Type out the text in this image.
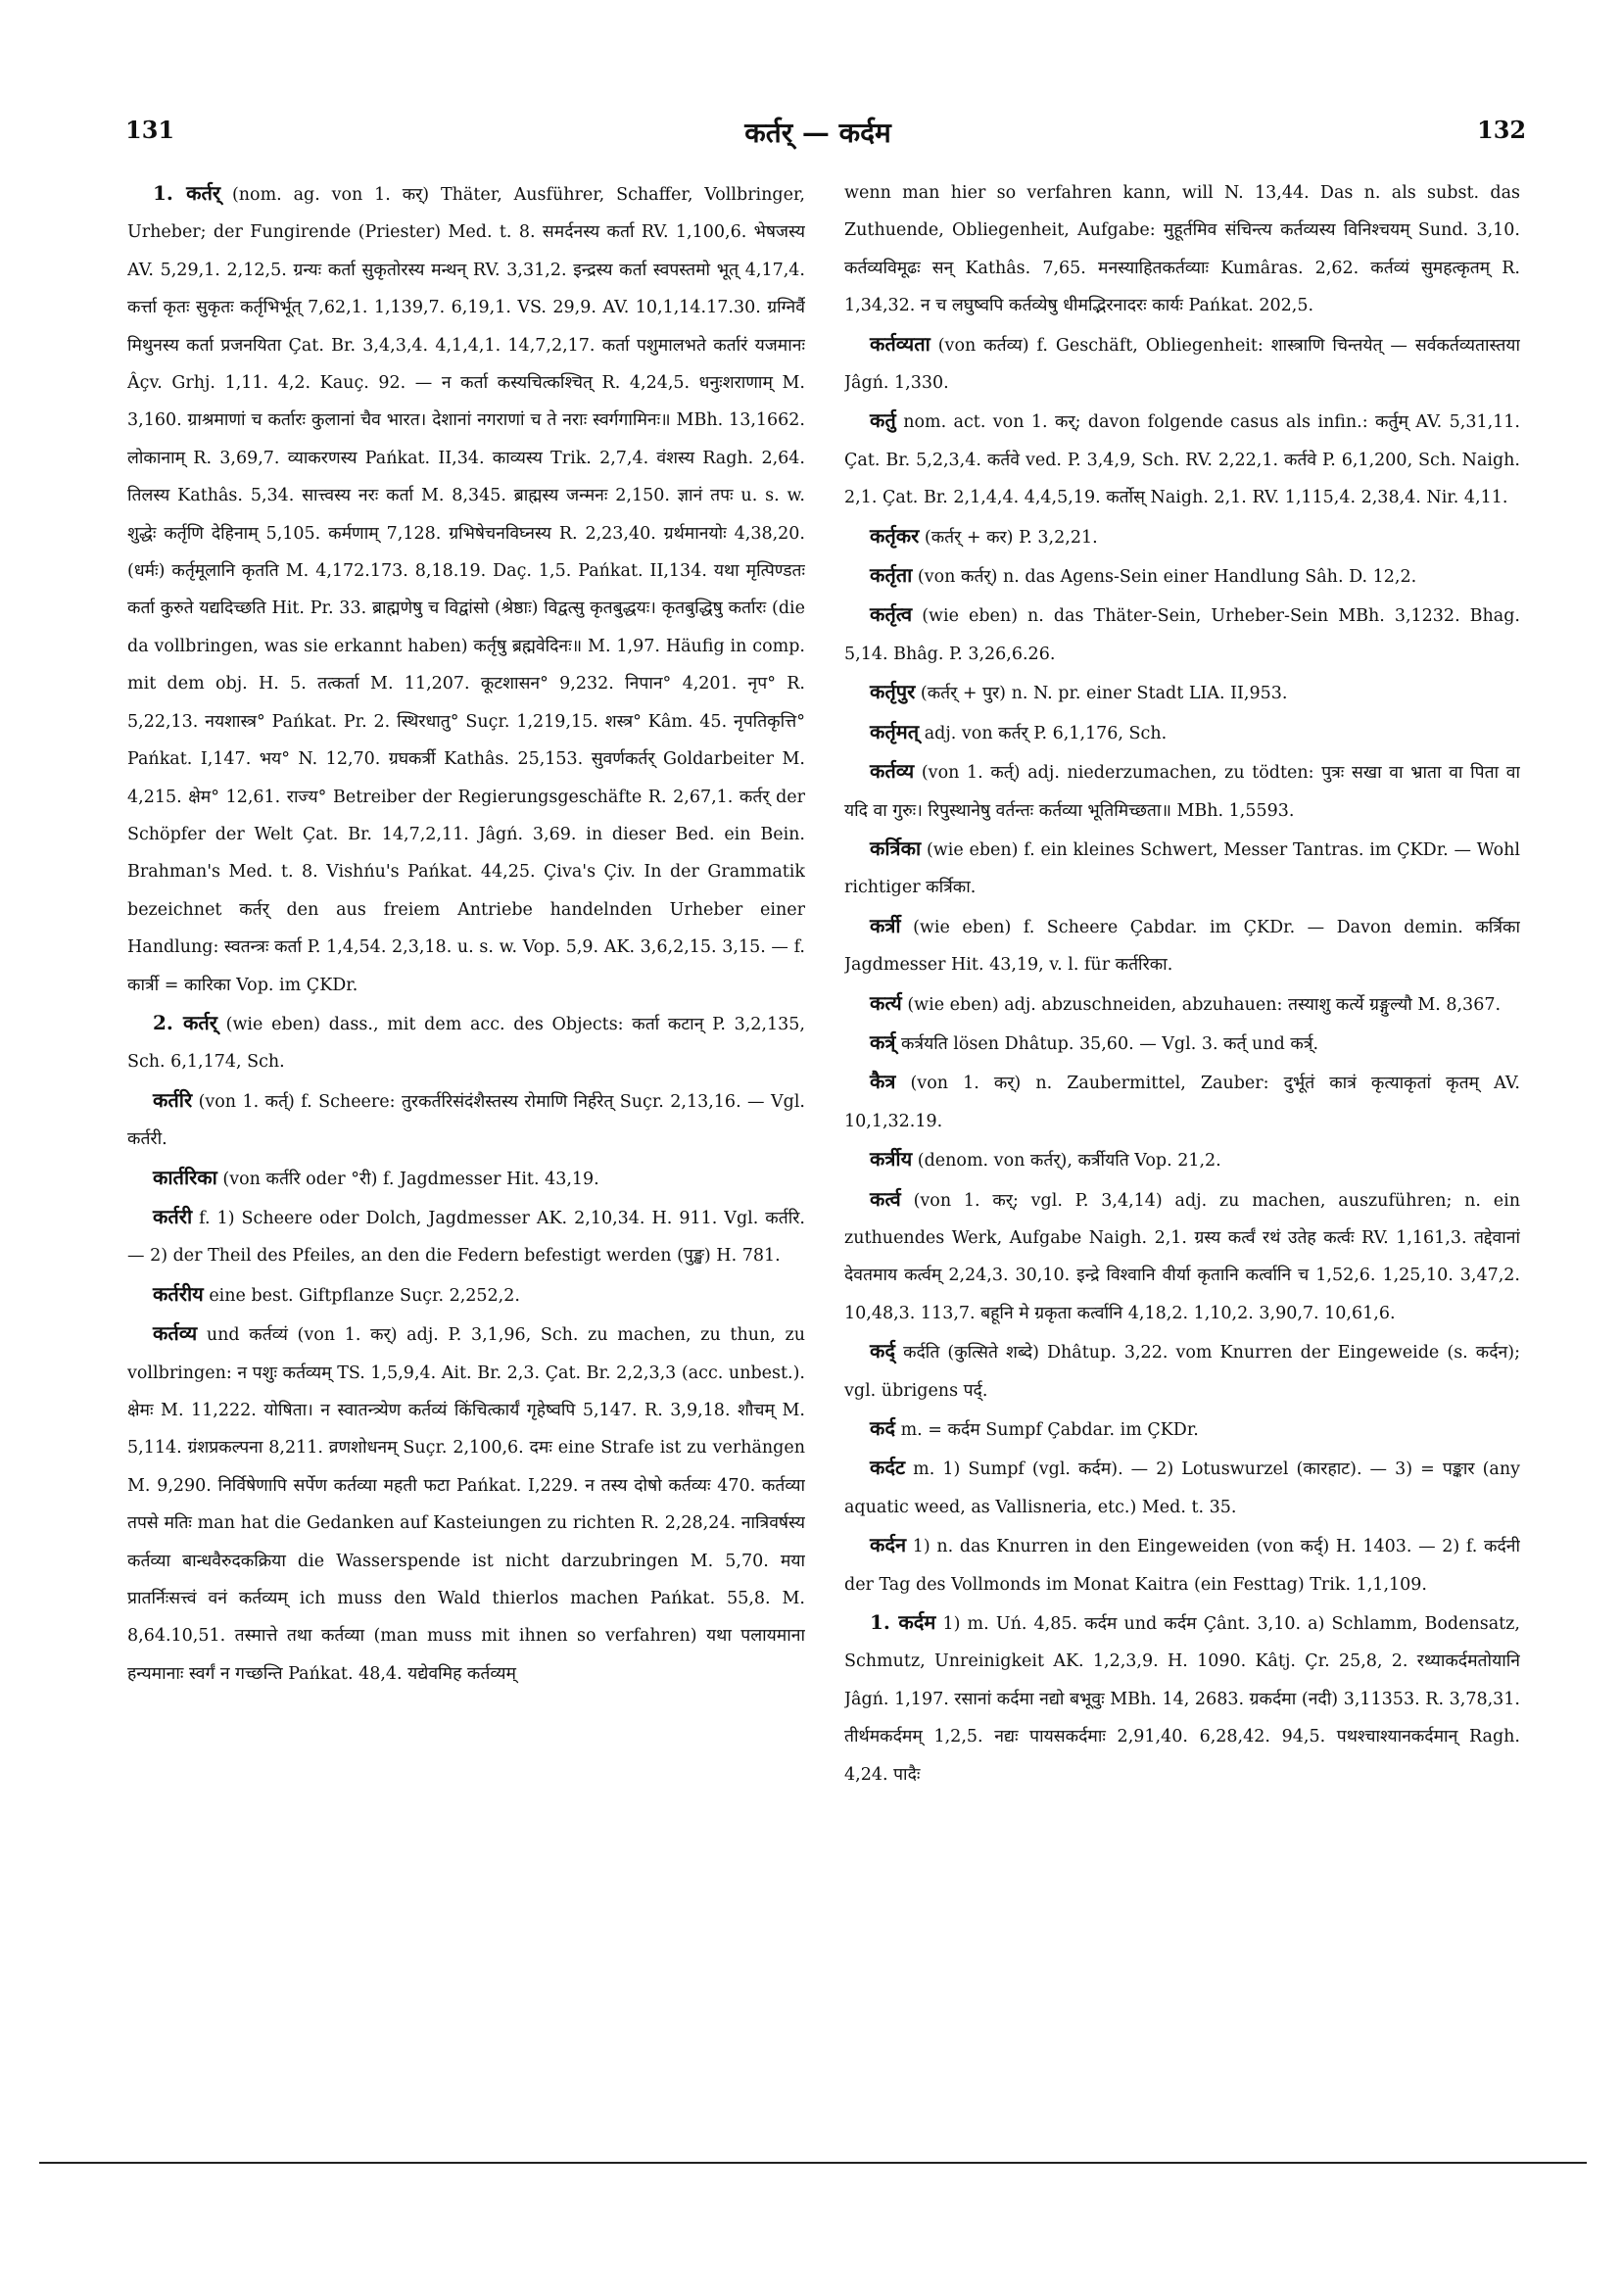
131	कर्तर् — कर्दम	132

1. कर्तर् (nom. ag. von 1. कर्) Thäter, Ausführer, Schaffer, Vollbringer, Urheber; der Fungirende (Priester) Med. t. 8. समर्दनस्य कर्ता RV. 1,100,6. भेषजस्य AV. 5,29,1. 2,12,5. ग्रन्यः कर्ता सुकृतोरस्य मन्थन् RV. 3,31,2. इन्द्रस्य कर्ता स्वपस्तमो भूत् 4,17,4. कर्त्ता कृतः सुकृतः कर्तृभिर्भूत् 7,62,1. 1,139,7. 6,19,1. VS. 29,9. AV. 10,1,14.17.30. ग्रग्निर्वै मिथुनस्य कर्ता प्रजनयिता Çat. Br. 3,4,3,4. 4,1,4,1. 14,7,2,17. कर्ता पशुमालभते कर्तारं यजमानः Âçv. Grhj. 1,11. 4,2. Kauç. 92. — न कर्ता कस्यचित्कश्चित् R. 4,24,5. धनुःशराणाम् M. 3,160. ग्राश्रमाणां च कर्तारः कुलानां चैव भारत। देशानां नगराणां च ते नराः स्वर्गगामिनः॥ MBh. 13,1662. लोकानाम् R. 3,69,7. व्याकरणस्य Pańkat. II,34. काव्यस्य Trik. 2,7,4. वंशस्य Ragh. 2,64. तिलस्य Kathâs. 5,34. सात्त्वस्य नरः कर्ता M. 8,345. ब्राह्मस्य जन्मनः 2,150. ज्ञानं तपः u. s. w. शुद्धेः कर्तृणि देहिनाम् 5,105. कर्मणाम् 7,128. ग्रभिषेचनविघ्नस्य R. 2,23,40. ग्रर्थमानयोः 4,38,20. (धर्मः) कर्तृमूलानि कृतति M. 4,172.173. 8,18.19. Daç. 1,5. Pańkat. II,134. यथा मृत्पिण्डतः कर्ता कुरुते यद्यदिच्छति Hit. Pr. 33. ब्राह्मणेषु च विद्वांसो (श्रेष्ठाः) विद्वत्सु कृतबुद्धयः। कृतबुद्धिषु कर्तारः (die da vollbringen, was sie erkannt haben) कर्तृषु ब्रह्मवेदिनः॥ M. 1,97. Häufig in comp. mit dem obj. H. 5. तत्कर्ता M. 11,207. कूटशासन° 9,232. निपान° 4,201. नृप° R. 5,22,13. नयशास्त्र° Pańkat. Pr. 2. स्थिरधातु° Suçr. 1,219,15. शस्त्र° Kâm. 45. नृपतिकृत्ति° Pańkat. I,147. भय° N. 12,70. ग्रघकर्त्री Kathâs. 25,153. सुवर्णकर्तर् Goldarbeiter M. 4,215. क्षेम° 12,61. राज्य° Betreiber der Regierungsgeschäfte R. 2,67,1. कर्तर् der Schöpfer der Welt Çat. Br. 14,7,2,11. Jâgń. 3,69. in dieser Bed. ein Bein. Brahman's Med. t. 8. Vishńu's Pańkat. 44,25. Çiva's Çiv. In der Grammatik bezeichnet कर्तर् den aus freiem Antriebe handelnden Urheber einer Handlung: स्वतन्त्रः कर्ता P. 1,4,54. 2,3,18. u. s. w. Vop. 5,9. AK. 3,6,2,15. 3,15. — f. कार्त्री = कारिका Vop. im ÇKDr.

2. कर्तर् (wie eben) dass., mit dem acc. des Objects: कर्ता कटान् P. 3,2,135, Sch. 6,1,174, Sch.

कर्तरि (von 1. कर्त्) f. Scheere: तुरकर्तरिसंदंशैस्तस्य रोमाणि निर्हरेत् Suçr. 2,13,16. — Vgl. कर्तरी.

कार्तरिका (von कर्तरि oder °री) f. Jagdmesser Hit. 43,19.

कर्तरी f. 1) Scheere oder Dolch, Jagdmesser AK. 2,10,34. H. 911. Vgl. कर्तरि. — 2) der Theil des Pfeiles, an den die Federn befestigt werden (पुङ्ख) H. 781.

कर्तरीय eine best. Giftpflanze Suçr. 2,252,2.

कर्तव्य und कर्तव्यं (von 1. कर्) adj. P. 3,1,96, Sch. zu machen, zu thun, zu vollbringen: न पशुः कर्तव्यम् TS. 1,5,9,4. Ait. Br. 2,3. Çat. Br. 2,2,3,3 (acc. unbest.). क्षेमः M. 11,222. योषिता। न स्वातन्त्र्येण कर्तव्यं किंचित्कार्यं गृहेष्वपि 5,147. R. 3,9,18. शौचम् M. 5,114. ग्रंशप्रकल्पना 8,211. व्रणशोधनम् Suçr. 2,100,6. दमः eine Strafe ist zu verhängen M. 9,290. निर्विषेणापि सर्पेण कर्तव्या महती फटा Pańkat. I,229. न तस्य दोषो कर्तव्यः 470. कर्तव्या तपसे मतिः man hat die Gedanken auf Kasteiungen zu richten R. 2,28,24. नात्रिवर्षस्य कर्तव्या बान्धवैरुदकक्रिया die Wasserspende ist nicht darzubringen M. 5,70. मया प्रातर्निःसत्त्वं वनं कर्तव्यम् ich muss den Wald thierlos machen Pańkat. 55,8. M. 8,64.10,51. तस्मात्ते तथा कर्तव्या (man muss mit ihnen so verfahren) यथा पलायमाना हन्यमानाः स्वर्गं न गच्छन्ति Pańkat. 48,4. यद्येवमिह कर्तव्यम्

wenn man hier so verfahren kann, will N. 13,44. Das n. als subst. das Zuthuende, Obliegenheit, Aufgabe: मुहूर्तमिव संचिन्त्य कर्तव्यस्य विनिश्चयम् Sund. 3,10. कर्तव्यविमूढः सन् Kathâs. 7,65. मनस्याहितकर्तव्याः Kumâras. 2,62. कर्तव्यं सुमहत्कृतम् R. 1,34,32. न च लघुष्वपि कर्तव्येषु धीमद्भिरनादरः कार्यः Pańkat. 202,5.

कर्तव्यता (von कर्तव्य) f. Geschäft, Obliegenheit: शास्त्राणि चिन्तयेत् — सर्वकर्तव्यतास्तया Jâgń. 1,330.

कर्तु nom. act. von 1. कर्; davon folgende casus als infin.: कर्तुम् AV. 5,31,11. Çat. Br. 5,2,3,4. कर्तवे ved. P. 3,4,9, Sch. RV. 2,22,1. कर्तवे P. 6,1,200, Sch. Naigh. 2,1. Çat. Br. 2,1,4,4. 4,4,5,19. कर्तोस् Naigh. 2,1. RV. 1,115,4. 2,38,4. Nir. 4,11.

कर्तृकर (कर्तर् + कर) P. 3,2,21.

कर्तृता (von कर्तर्) n. das Agens-Sein einer Handlung Sâh. D. 12,2.

कर्तृत्व (wie eben) n. das Thäter-Sein, Urheber-Sein MBh. 3,1232. Bhag. 5,14. Bhâg. P. 3,26,6.26.

कर्तृपुर (कर्तर् + पुर) n. N. pr. einer Stadt LIA. II,953.

कर्तृमत् adj. von कर्तर् P. 6,1,176, Sch.

कर्तव्य (von 1. कर्त्) adj. niederzumachen, zu tödten: पुत्रः सखा वा भ्राता वा पिता वा यदि वा गुरुः। रिपुस्थानेषु वर्तन्तः कर्तव्या भूतिमिच्छता॥ MBh. 1,5593.

कर्त्रिका (wie eben) f. ein kleines Schwert, Messer Tantras. im ÇKDr. — Wohl richtiger कर्त्रिका.

कर्त्री (wie eben) f. Scheere Çabdar. im ÇKDr. — Davon demin. कर्त्रिका Jagdmesser Hit. 43,19, v. l. für कर्तरिका.

कर्त्य (wie eben) adj. abzuschneiden, abzuhauen: तस्याशु कर्त्ये ग्रङ्गुल्यौ M. 8,367.

कर्त्र् कर्त्रयति lösen Dhâtup. 35,60. — Vgl. 3. कर्त् und कर्त्र्.

कैत्र (von 1. कर्) n. Zaubermittel, Zauber: दुर्भूतं कात्रं कृत्याकृतां कृतम् AV. 10,1,32.19.

कर्त्रीय (denom. von कर्तर्), कर्त्रीयति Vop. 21,2.

कर्त्व (von 1. कर्; vgl. P. 3,4,14) adj. zu machen, auszuführen; n. ein zuthuendes Werk, Aufgabe Naigh. 2,1. ग्रस्य कर्त्वं रथं उतेह कर्त्वः RV. 1,161,3. तद्देवानां देवतमाय कर्त्वम् 2,24,3. 30,10. इन्द्रे विश्वानि वीर्या कृतानि कर्त्वानि च 1,52,6. 1,25,10. 3,47,2. 10,48,3. 113,7. बहूनि मे ग्रकृता कर्त्वानि 4,18,2. 1,10,2. 3,90,7. 10,61,6.

कर्द् कर्दति (कुत्सिते शब्दे) Dhâtup. 3,22. vom Knurren der Eingeweide (s. कर्दन); vgl. übrigens पर्द्.

कर्द m. = कर्दम Sumpf Çabdar. im ÇKDr.

कर्दट m. 1) Sumpf (vgl. कर्दम). — 2) Lotuswurzel (कारहाट). — 3) = पङ्कार (any aquatic weed, as Vallisneria, etc.) Med. t. 35.

कर्दन 1) n. das Knurren in den Eingeweiden (von कर्द्) H. 1403. — 2) f. कर्दनी der Tag des Vollmonds im Monat Kaitra (ein Festtag) Trik. 1,1,109.

1. कर्दम 1) m. Uń. 4,85. कर्दम und कर्दम Çânt. 3,10. a) Schlamm, Bodensatz, Schmutz, Unreinigkeit AK. 1,2,3,9. H. 1090. Kâtj. Çr. 25,8, 2. रथ्याकर्दमतोयानि Jâgń. 1,197. रसानां कर्दमा नद्यो बभूवुः MBh. 14, 2683. ग्रकर्दमा (नदी) 3,11353. R. 3,78,31. तीर्थमकर्दमम् 1,2,5. नद्यः पायसकर्दमाः 2,91,40. 6,28,42. 94,5. पथश्चाश्यानकर्दमान् Ragh. 4,24. पादैः
